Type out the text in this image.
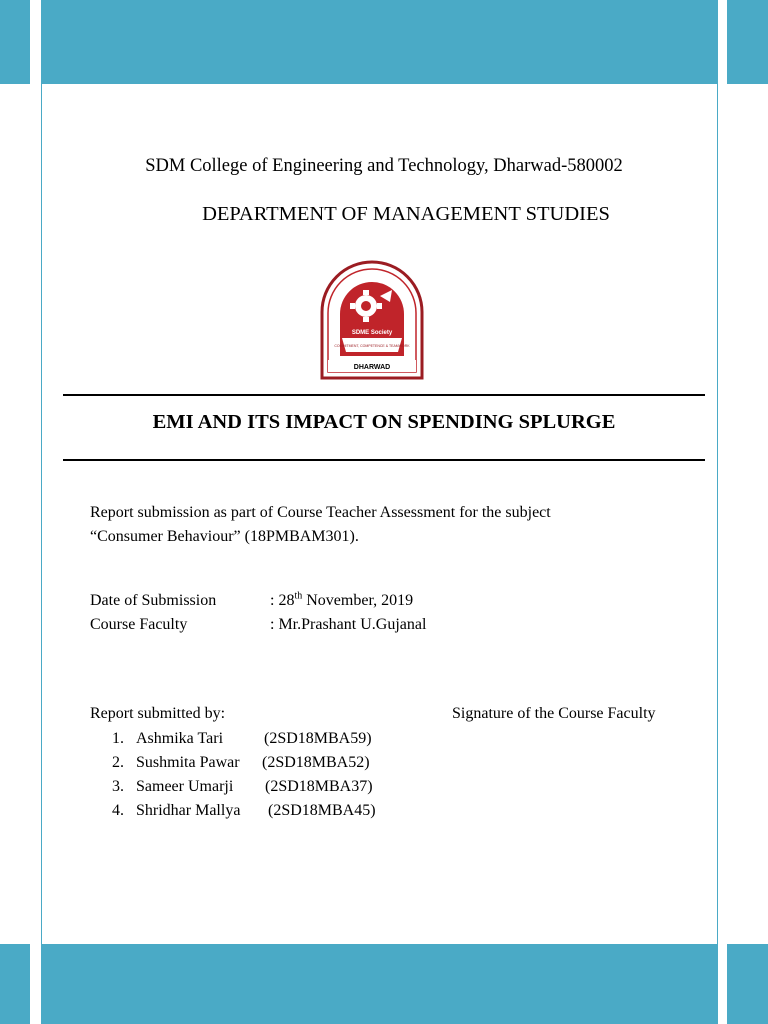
SDM College of Engineering and Technology, Dharwad-580002
DEPARTMENT OF MANAGEMENT STUDIES
SDME Society
COMMITMENT, COMPETENCE & TEAMWORK
DHARWAD
EMI AND ITS IMPACT ON SPENDING SPLURGE
Report submission as part of Course Teacher Assessment for the subject
“Consumer Behaviour” (18PMBAM301).
Date of Submission	: 28th November, 2019
Course Faculty	: Mr.Prashant U.Gujanal
Report submitted by:	Signature of the Course Faculty
1. Ashmika Tari	(2SD18MBA59)
2. Sushmita Pawar (2SD18MBA52)
3. Sameer Umarji (2SD18MBA37)
4. Shridhar Mallya (2SD18MBA45)
